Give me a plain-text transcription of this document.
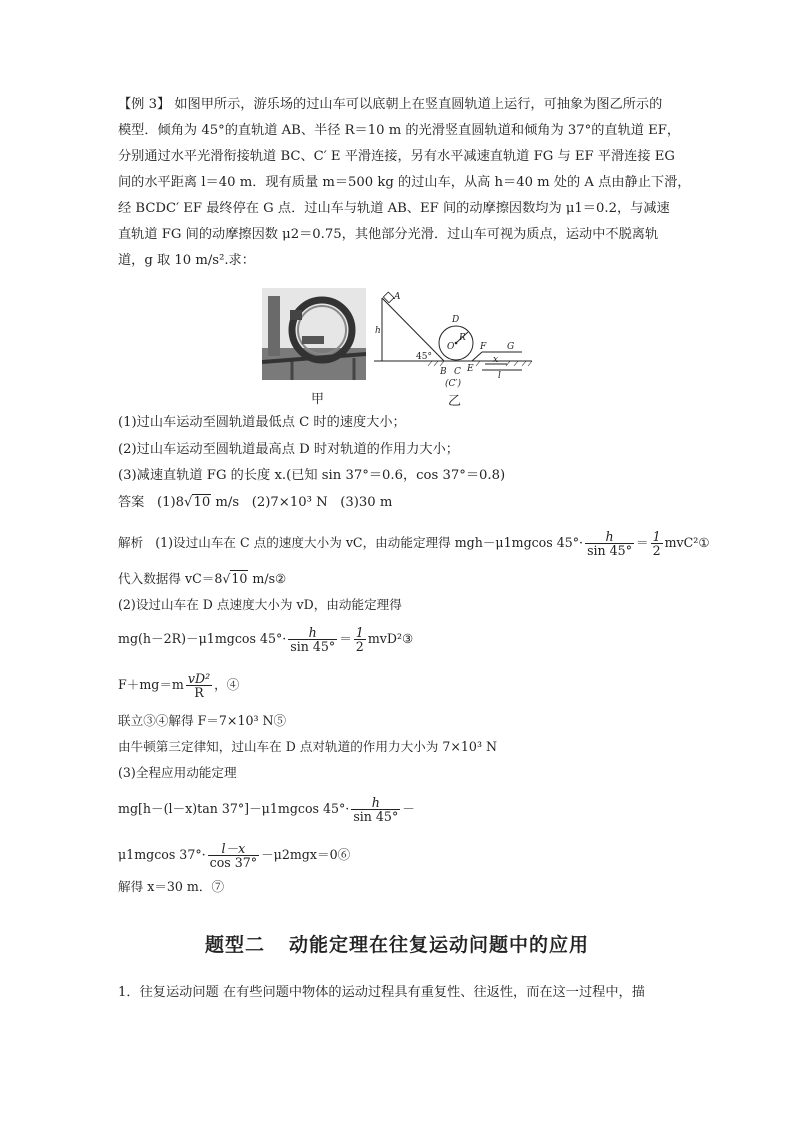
【例 3】 如图甲所示，游乐场的过山车可以底朝上在竖直圆轨道上运行，可抽象为图乙所示的
模型．倾角为 45°的直轨道 AB、半径 R＝10 m 的光滑竖直圆轨道和倾角为 37°的直轨道 EF，
分别通过水平光滑衔接轨道 BC、C′ E 平滑连接，另有水平减速直轨道 FG 与 EF 平滑连接 EG
间的水平距离 l＝40 m．现有质量 m＝500 kg 的过山车，从高 h＝40 m 处的 A 点由静止下滑，
经 BCDC′ EF 最终停在 G 点．过山车与轨道 AB、EF 间的动摩擦因数均为 μ1＝0.2，与减速
直轨道 FG 间的动摩擦因数 μ2＝0.75，其他部分光滑．过山车可视为质点，运动中不脱离轨
道，g 取 10 m/s².求：
甲
A
h
45°
D
O
R
B C
(C′)
E
F G
x
l
乙
(1)过山车运动至圆轨道最低点 C 时的速度大小；
(2)过山车运动至圆轨道最高点 D 时对轨道的作用力大小；
(3)减速直轨道 FG 的长度 x.(已知 sin 37°＝0.6，cos 37°＝0.8)
答案 (1)8√10 m/s (2)7×10³ N (3)30 m
解析 (1)设过山车在 C 点的速度大小为 vC，由动能定理得 mgh－μ1mgcos $45^\circ\cdot \frac{h}{\sin 45^\circ} = \frac{1}{2}$ mvC²①
代入数据得 vC＝8√10 m/s②
(2)设过山车在 D 点速度大小为 vD，由动能定理得
mg(h－2R)－μ1mgcos $45^\circ\cdot \frac{h}{\sin 45^\circ} = \frac{1}{2}$ mvD²③
$F+mg=m \frac{\text{vD²}}{R}$ ，④
联立③④解得 F＝7×10³ N⑤
由牛顿第三定律知，过山车在 D 点对轨道的作用力大小为 7×10³ N
(3)全程应用动能定理
mg[h－(l－x)tan 37°]－μ1mgcos $45^\circ\cdot \frac{h}{\sin 45^\circ}$ －
μ1mgcos $37^\circ\cdot \frac{l-x}{\cos 37^\circ}$ －μ2mgx＝0⑥
解得 x＝30 m．⑦
题型二 动能定理在往复运动问题中的应用
1．往复运动问题 在有些问题中物体的运动过程具有重复性、往返性，而在这一过程中，描
